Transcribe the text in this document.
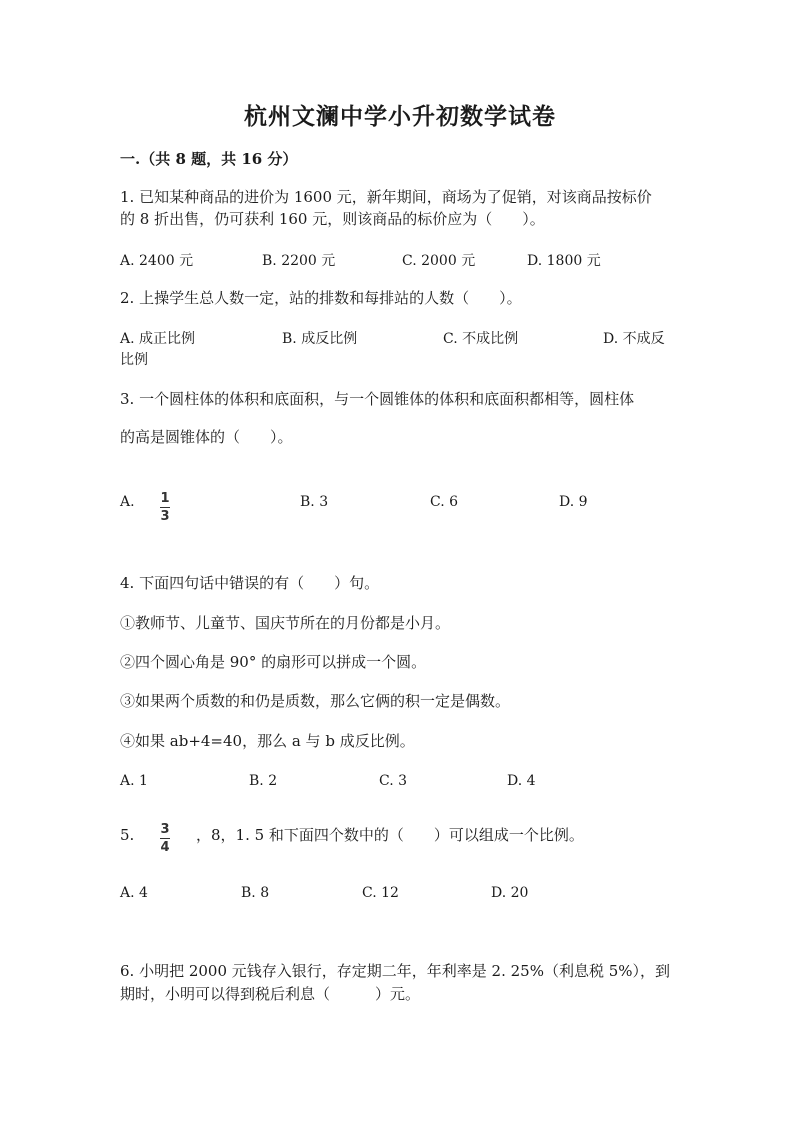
杭州文澜中学小升初数学试卷
一.（共 8 题，共 16 分）
1. 已知某种商品的进价为 1600 元，新年期间，商场为了促销，对该商品按标价
的 8 折出售，仍可获利 160 元，则该商品的标价应为（　　）。
A. 2400 元	B. 2200 元	C. 2000 元	D. 1800 元
2. 上操学生总人数一定，站的排数和每排站的人数（　　）。
A. 成正比例	B. 成反比例	C. 不成比例	D. 不成反
比例
3. 一个圆柱体的体积和底面积，与一个圆锥体的体积和底面积都相等，圆柱体
的高是圆锥体的（　　）。
A. $\frac{1}{3}$	B. 3	C. 6	D. 9
4. 下面四句话中错误的有（　　）句。
①教师节、儿童节、国庆节所在的月份都是小月。
②四个圆心角是 90° 的扇形可以拼成一个圆。
③如果两个质数的和仍是质数，那么它俩的积一定是偶数。
④如果 ab+4=40，那么 a 与 b 成反比例。
A. 1	B. 2	C. 3	D. 4
5. $\frac{3}{4}$ ，8，1. 5 和下面四个数中的（　　）可以组成一个比例。
A. 4	B. 8	C. 12	D. 20
6. 小明把 2000 元钱存入银行，存定期二年，年利率是 2. 25%（利息税 5%），到
期时，小明可以得到税后利息（　　　）元。
